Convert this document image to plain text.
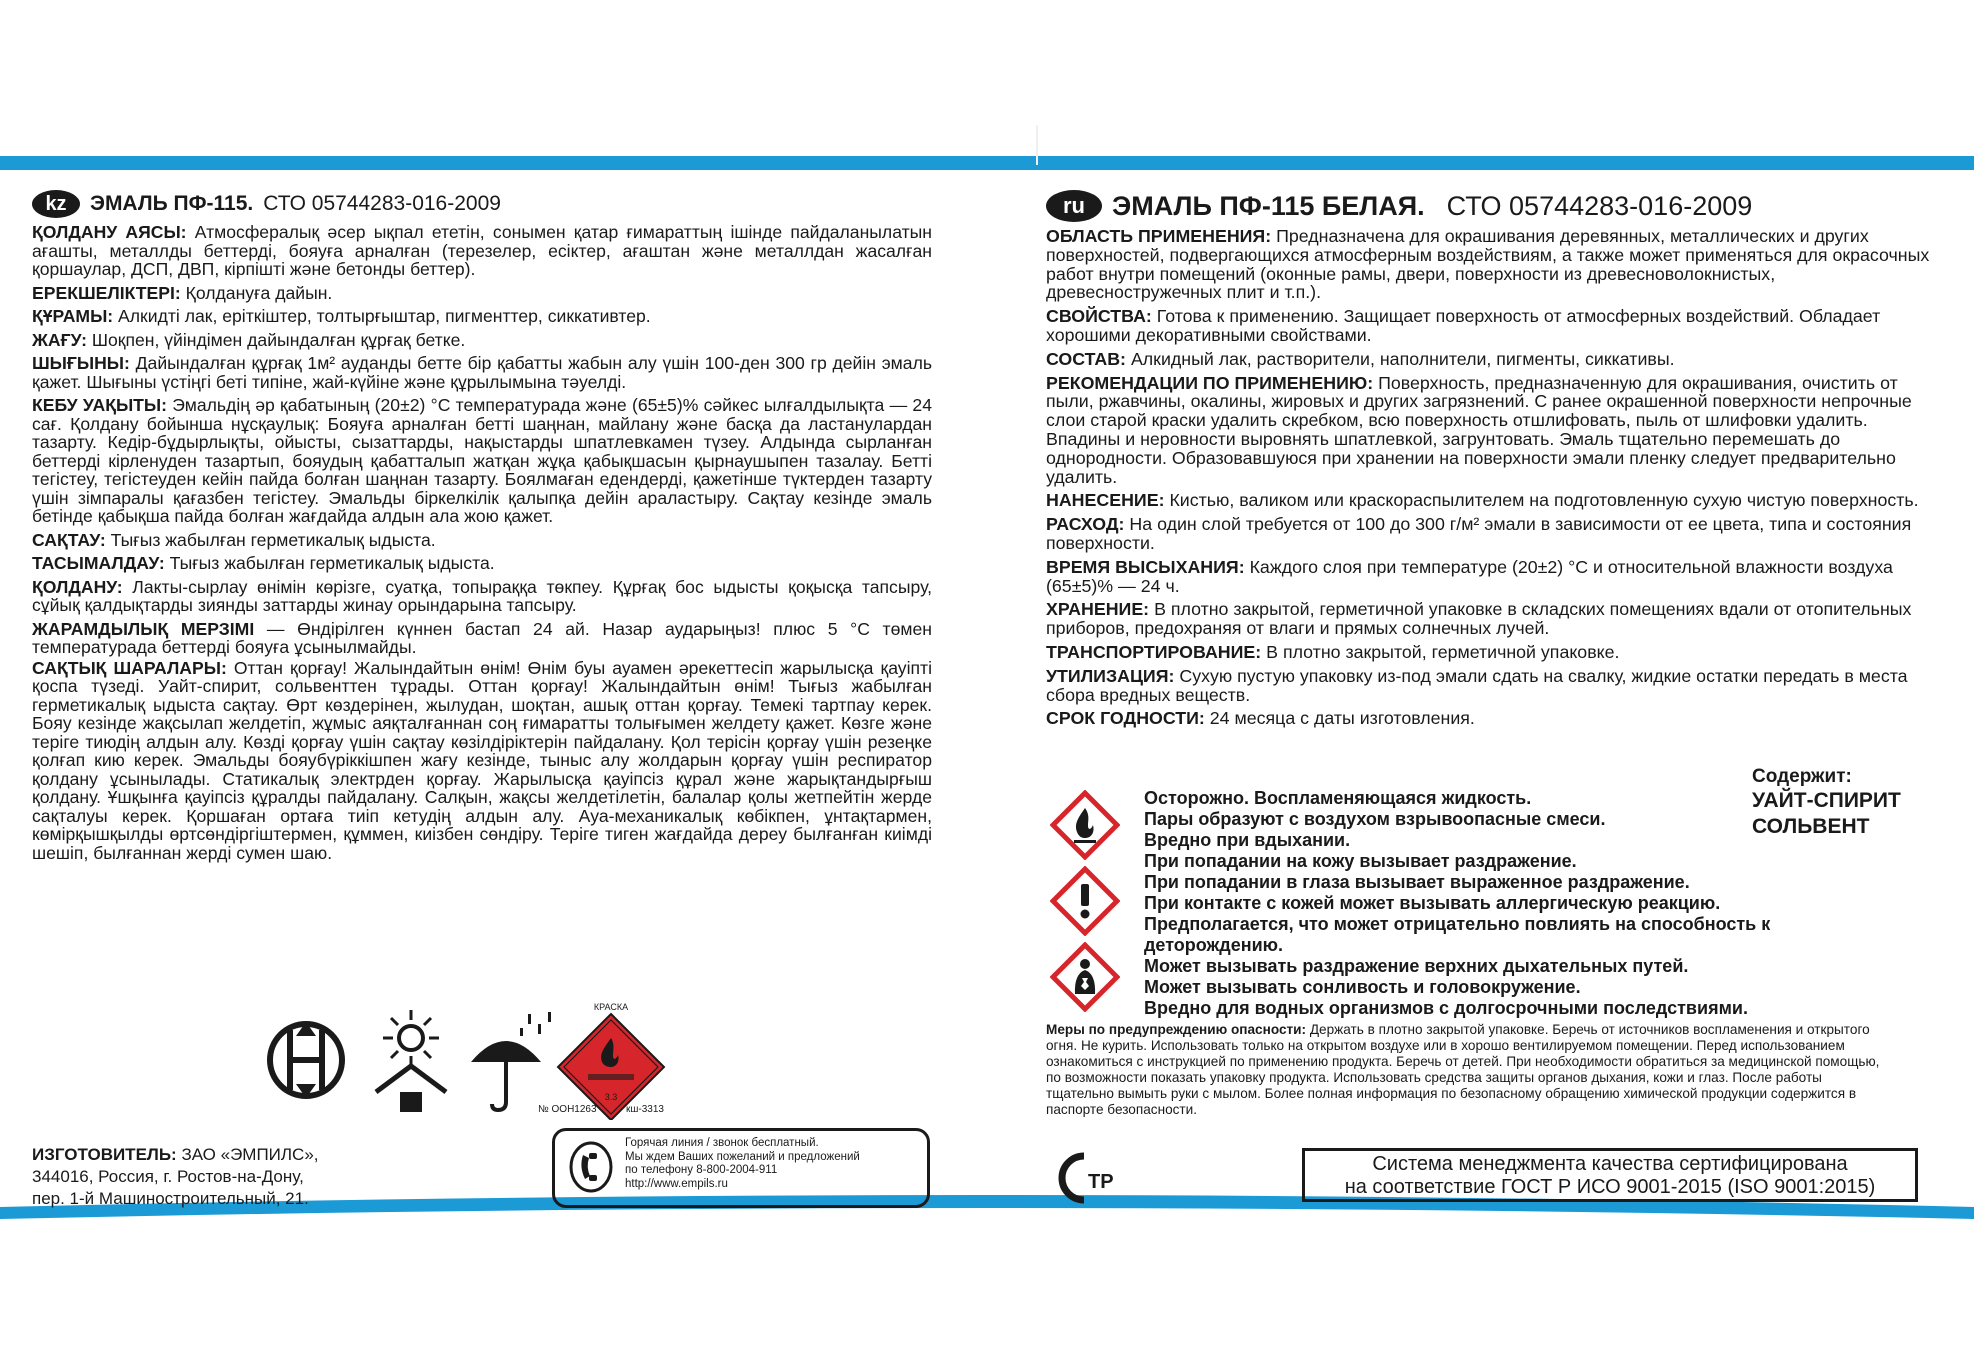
kz	ЭМАЛЬ ПФ-115. СТО 05744283-016-2009
ҚОЛДАНУ АЯСЫ: Атмосфералық әсер ықпал ететін, сонымен қатар ғимараттың ішінде пайдаланылатын ағашты, металлды беттерді, бояуға арналған (терезелер, есіктер, ағаштан және металлдан жасалған қоршаулар, ДСП, ДВП, кірпішті және бетонды беттер).
ЕРЕКШЕЛІКТЕРІ: Қолдануға дайын.
ҚҰРАМЫ: Алкидті лак, еріткіштер, толтырғыштар, пигменттер, сиккативтер.
ЖАҒУ: Шоқпен, үйіндімен дайындалған құрғақ бетке.
ШЫҒЫНЫ: Дайындалған құрғақ 1м² ауданды бетте бір қабатты жабын алу үшін 100-ден 300 гр дейін эмаль қажет. Шығыны үстіңгі беті типіне, жай-күйіне және құрылымына тәуелді.
КЕБУ УАҚЫТЫ: Эмальдің әр қабатының (20±2) °С температурада және (65±5)% сәйкес ылғалдылықта — 24 сағ. Қолдану бойынша нұсқаулық: Бояуға арналған бетті шаңнан, майлану және басқа да ластанулардан тазарту. Кедір-бұдырлықты, ойысты, сызаттарды, нақыстарды шпатлевкамен түзеу. Алдында сырланған беттерді кірленуден тазартып, бояудың қабатталып жатқан жұқа қабықшасын қырнаушыпен тазалау. Бетті тегістеу, тегістеуден кейін пайда болған шаңнан тазарту. Боялмаған едендерді, қажетінше түктерден тазарту үшін зімпаралы қағазбен тегістеу. Эмальды біркелкілік қалыпқа дейін араластыру. Сақтау кезінде эмаль бетінде қабықша пайда болған жағдайда алдын ала жою қажет.
САҚТАУ: Тығыз жабылған герметикалық ыдыста.
ТАСЫМАЛДАУ: Тығыз жабылған герметикалық ыдыста.
ҚОЛДАНУ: Лакты-сырлау өнімін көрізге, суатқа, топыраққа төкпеу. Құрғақ бос ыдысты қоқысқа тапсыру, сұйық қалдықтарды зиянды заттарды жинау орындарына тапсыру.
ЖАРАМДЫЛЫҚ МЕРЗІМІ — Өндірілген күннен бастап 24 ай. Назар аударыңыз! плюс 5 °С төмен температурада беттерді бояуға ұсынылмайды.
САҚТЫҚ ШАРАЛАРЫ: Оттан қорғау! Жалындайтын өнім! Өнім буы ауамен әрекеттесіп жарылысқа қауіпті қоспа түзеді. Уайт-спирит, сольвенттен тұрады. Оттан қорғау! Жалындайтын өнім! Тығыз жабылған герметикалық ыдыста сақтау. Өрт көздерінен, жылудан, шоқтан, ашық оттан қорғау. Темекі тартпау керек. Бояу кезінде жақсылап желдетіп, жұмыс аяқталғаннан соң ғимаратты толығымен желдету қажет. Көзге және теріге тиюдің алдын алу. Көзді қорғау үшін сақтау көзілдіріктерін пайдалану. Қол терісін қорғау үшін резеңке қолғап кию керек. Эмальды бояубүріккішпен жағу кезінде, тыныс алу жолдарын қорғау үшін респиратор қолдану ұсынылады. Статикалық электрден қорғау. Жарылысқа қауіпсіз құрал және жарықтандырғыш қолдану. Ұшқынға қауіпсіз құралды пайдалану. Салқын, жақсы желдетілетін, балалар қолы жетпейтін жерде сақталуы керек. Қоршаған ортаға тиіп кетудің алдын алу. Ауа-механикалық көбікпен, ұнтақтармен, көмірқышқылды өртсөндіргіштермен, құммен, киізбен сөндіру. Теріге тиген жағдайда дереу былғанған киімді шешіп, былғаннан жерді сумен шаю.
КРАСКА
3.3
№ ООН1263	кш-3313
ИЗГОТОВИТЕЛЬ: ЗАО «ЭМПИЛС»,
344016, Россия, г. Ростов-на-Дону,
пер. 1-й Машиностроительный, 21.
Горячая линия / звонок бесплатный.
Мы ждем Ваших пожеланий и предложений
по телефону 8-800-2004-911
http://www.empils.ru
ru	ЭМАЛЬ ПФ-115 БЕЛАЯ. СТО 05744283-016-2009
ОБЛАСТЬ ПРИМЕНЕНИЯ: Предназначена для окрашивания деревянных, металлических и других поверхностей, подвергающихся атмосферным воздействиям, а также может применяться для окрасочных работ внутри помещений (оконные рамы, двери, поверхности из древесноволокнистых, древесностружечных плит и т.п.).
СВОЙСТВА: Готова к применению. Защищает поверхность от атмосферных воздействий. Обладает хорошими декоративными свойствами.
СОСТАВ: Алкидный лак, растворители, наполнители, пигменты, сиккативы.
РЕКОМЕНДАЦИИ ПО ПРИМЕНЕНИЮ: Поверхность, предназначенную для окрашивания, очистить от пыли, ржавчины, окалины, жировых и других загрязнений. С ранее окрашенной поверхности непрочные слои старой краски удалить скребком, всю поверхность отшлифовать, пыль от шлифовки удалить. Впадины и неровности выровнять шпатлевкой, загрунтовать. Эмаль тщательно перемешать до однородности. Образовавшуюся при хранении на поверхности эмали пленку следует предварительно удалить.
НАНЕСЕНИЕ: Кистью, валиком или краскораспылителем на подготовленную сухую чистую поверхность.
РАСХОД: На один слой требуется от 100 до 300 г/м² эмали в зависимости от ее цвета, типа и состояния поверхности.
ВРЕМЯ ВЫСЫХАНИЯ: Каждого слоя при температуре (20±2) °С и относительной влажности воздуха (65±5)% — 24 ч.
ХРАНЕНИЕ: В плотно закрытой, герметичной упаковке в складских помещениях вдали от отопительных приборов, предохраняя от влаги и прямых солнечных лучей.
ТРАНСПОРТИРОВАНИЕ: В плотно закрытой, герметичной упаковке.
УТИЛИЗАЦИЯ: Сухую пустую упаковку из-под эмали сдать на свалку, жидкие остатки передать в места сбора вредных веществ.
СРОК ГОДНОСТИ: 24 месяца с даты изготовления.
Содержит:
УАЙТ-СПИРИТ
СОЛЬВЕНТ
Осторожно. Воспламеняющаяся жидкость.
Пары образуют с воздухом взрывоопасные смеси.
Вредно при вдыхании.
При попадании на кожу вызывает раздражение.
При попадании в глаза вызывает выраженное раздражение.
При контакте с кожей может вызывать аллергическую реакцию.
Предполагается, что может отрицательно повлиять на способность к
деторождению.
Может вызывать раздражение верхних дыхательных путей.
Может вызывать сонливость и головокружение.
Вредно для водных организмов с долгосрочными последствиями.
Меры по предупреждению опасности: Держать в плотно закрытой упаковке. Беречь от источников воспламенения и открытого огня. Не курить. Использовать только на открытом воздухе или в хорошо вентилируемом помещении. Перед использованием ознакомиться с инструкцией по применению продукта. Беречь от детей. При необходимости обратиться за медицинской помощью, по возможности показать упаковку продукта. Использовать средства защиты органов дыхания, кожи и глаз. После работы тщательно вымыть руки с мылом. Более полная информация по безопасному обращению химической продукции содержится в паспорте безопасности.
ТР
Система менеджмента качества сертифицирована
на соответствие ГОСТ Р ИСО 9001-2015 (ISO 9001:2015)
